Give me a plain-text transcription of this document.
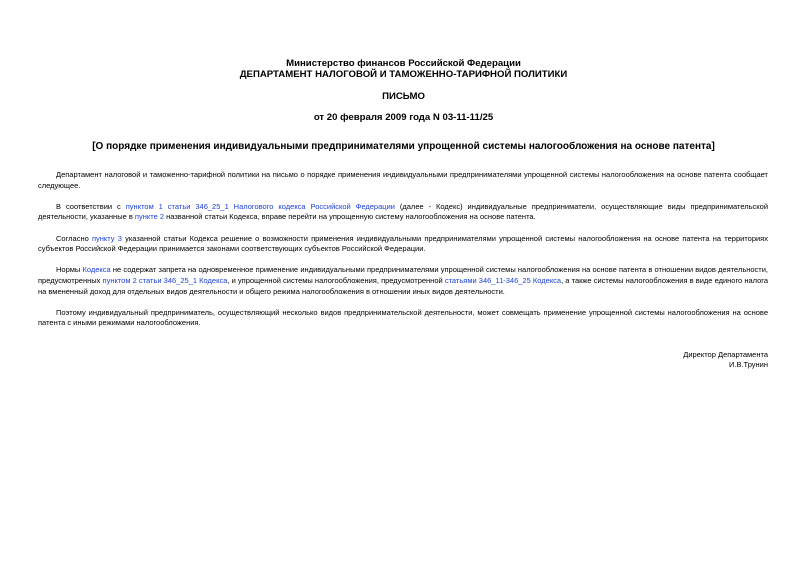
Министерство финансов Российской Федерации
ДЕПАРТАМЕНТ НАЛОГОВОЙ И ТАМОЖЕННО-ТАРИФНОЙ ПОЛИТИКИ
ПИСЬМО
от 20 февраля 2009 года N 03-11-11/25
[О порядке применения индивидуальными предпринимателями упрощенной системы налогообложения на основе патента]

Департамент налоговой и таможенно-тарифной политики на письмо о порядке применения индивидуальными предпринимателями упрощенной системы налогообложения на основе патента сообщает следующее.

В соответствии с пунктом 1 статьи 346_25_1 Налогового кодекса Российской Федерации (далее - Кодекс) индивидуальные предприниматели, осуществляющие виды предпринимательской деятельности, указанные в пункте 2 названной статьи Кодекса, вправе перейти на упрощенную систему налогообложения на основе патента.

Согласно пункту 3 указанной статьи Кодекса решение о возможности применения индивидуальными предпринимателями упрощенной системы налогообложения на основе патента на территориях субъектов Российской Федерации принимается законами соответствующих субъектов Российской Федерации.

Нормы Кодекса не содержат запрета на одновременное применение индивидуальными предпринимателями упрощенной системы налогообложения на основе патента в отношении видов деятельности, предусмотренных пунктом 2 статьи 346_25_1 Кодекса, и упрощенной системы налогообложения, предусмотренной статьями 346_11-346_25 Кодекса, а также системы налогообложения в виде единого налога на вмененный доход для отдельных видов деятельности и общего режима налогообложения в отношении иных видов деятельности.

Поэтому индивидуальный предприниматель, осуществляющий несколько видов предпринимательской деятельности, может совмещать применение упрощенной системы налогообложения на основе патента с иными режимами налогообложения.

Директор Департамента
И.В.Трунин
